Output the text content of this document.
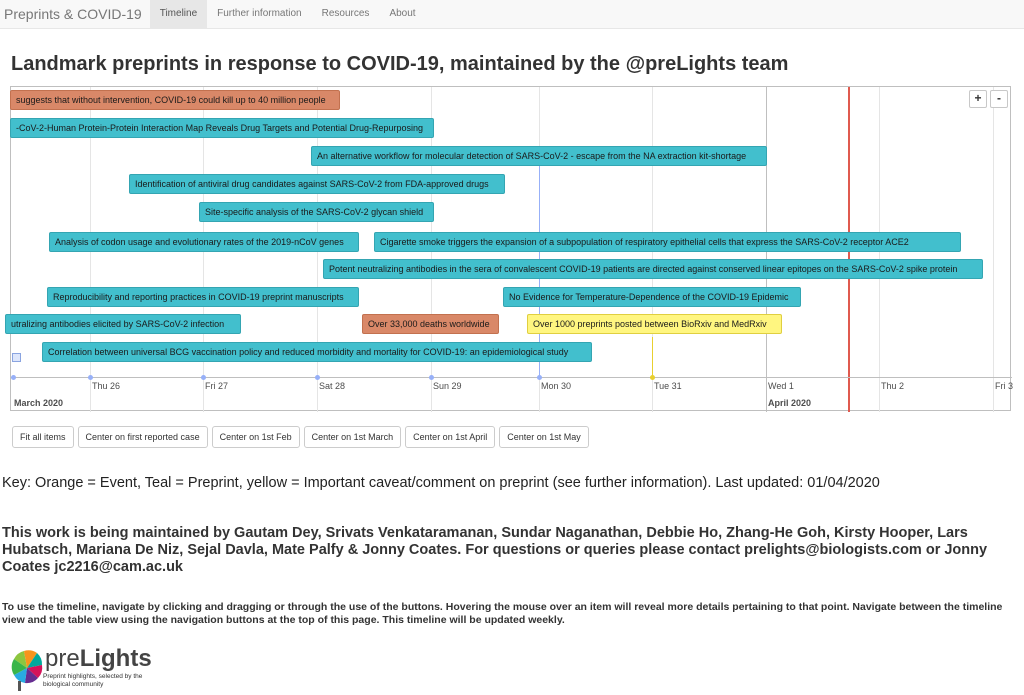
Preprints & COVID-19	Timeline	Further information	Resources	About
Landmark preprints in response to COVID-19, maintained by the @preLights team
Thu 26	Fri 27	Sat 28	Sun 29	Mon 30	Tue 31	Wed 1	Thu 2	Fri 3
March 2020	April 2020
suggests that without intervention, COVID-19 could kill up to 40 million people
-CoV-2-Human Protein-Protein Interaction Map Reveals Drug Targets and Potential Drug-Repurposing
An alternative workflow for molecular detection of SARS-CoV-2 - escape from the NA extraction kit-shortage
Identification of antiviral drug candidates against SARS-CoV-2 from FDA-approved drugs
Site-specific analysis of the SARS-CoV-2 glycan shield
Analysis of codon usage and evolutionary rates of the 2019-nCoV genes	Cigarette smoke triggers the expansion of a subpopulation of respiratory epithelial cells that express the SARS-CoV-2 receptor ACE2
Potent neutralizing antibodies in the sera of convalescent COVID-19 patients are directed against conserved linear epitopes on the SARS-CoV-2 spike protein
Reproducibility and reporting practices in COVID-19 preprint manuscripts	No Evidence for Temperature-Dependence of the COVID-19 Epidemic
utralizing antibodies elicited by SARS-CoV-2 infection	Over 33,000 deaths worldwide	Over 1000 preprints posted between BioRxiv and MedRxiv
Correlation between universal BCG vaccination policy and reduced morbidity and mortality for COVID-19: an epidemiological study
+	-
Fit all items	Center on first reported case	Center on 1st Feb	Center on 1st March	Center on 1st April	Center on 1st May

Key: Orange = Event, Teal = Preprint, yellow = Important caveat/comment on preprint (see further information). Last updated: 01/04/2020

This work is being maintained by Gautam Dey, Srivats Venkataramanan, Sundar Naganathan, Debbie Ho, Zhang-He Goh, Kirsty Hooper, Lars Hubatsch, Mariana De Niz, Sejal Davla, Mate Palfy & Jonny Coates. For questions or queries please contact prelights@biologists.com or Jonny Coates jc2216@cam.ac.uk

To use the timeline, navigate by clicking and dragging or through the use of the buttons. Hovering the mouse over an item will reveal more details pertaining to that point. Navigate between the timeline view and the table view using the navigation buttons at the top of this page. This timeline will be updated weekly.

preLights
Preprint highlights, selected by the biological community
